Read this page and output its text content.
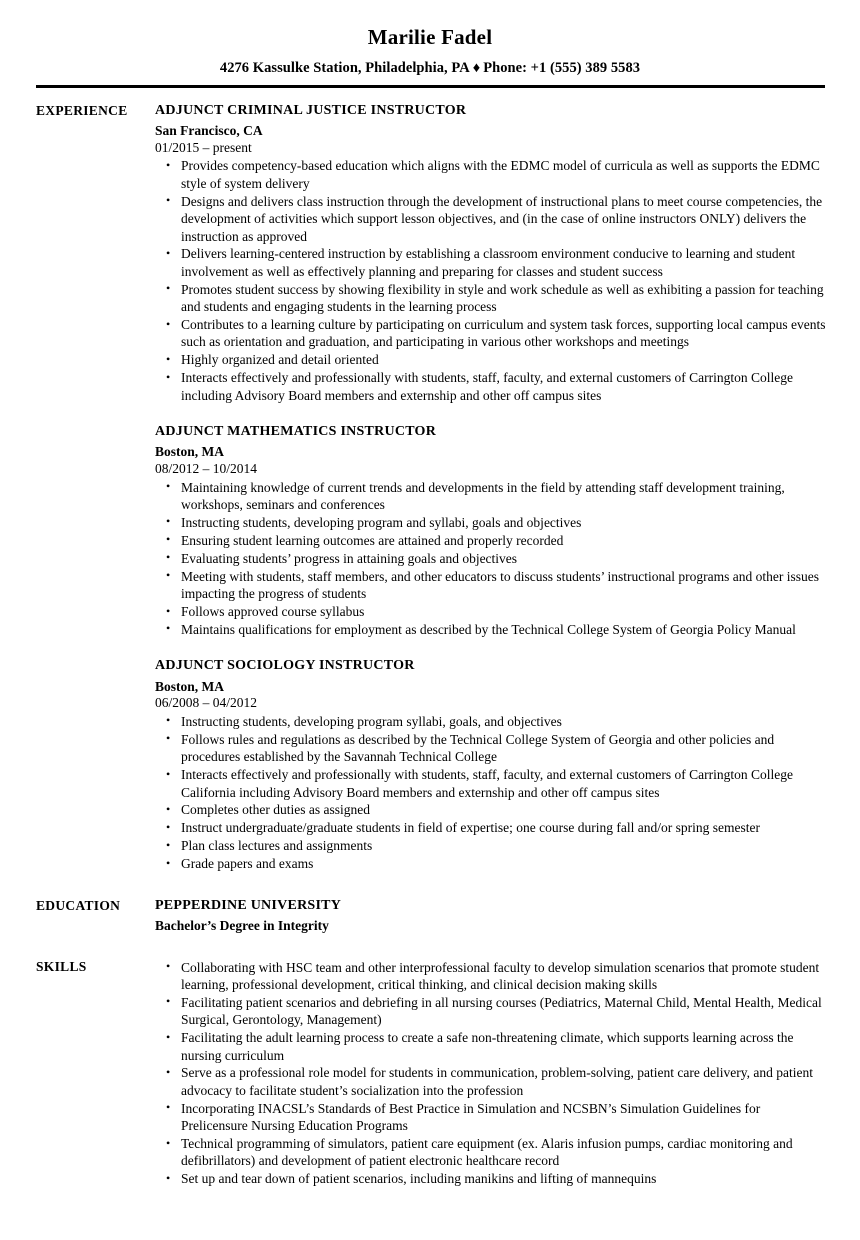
Marilie Fadel
4276 Kassulke Station, Philadelphia, PA ♦ Phone: +1 (555) 389 5583
EXPERIENCE	ADJUNCT CRIMINAL JUSTICE INSTRUCTOR
San Francisco, CA
01/2015 – present
• Provides competency-based education which aligns with the EDMC model of curricula as well as supports the EDMC style of system delivery
• Designs and delivers class instruction through the development of instructional plans to meet course competencies, the development of activities which support lesson objectives, and (in the case of online instructors ONLY) delivers the instruction as approved
• Delivers learning-centered instruction by establishing a classroom environment conducive to learning and student involvement as well as effectively planning and preparing for classes and student success
• Promotes student success by showing flexibility in style and work schedule as well as exhibiting a passion for teaching and students and engaging students in the learning process
• Contributes to a learning culture by participating on curriculum and system task forces, supporting local campus events such as orientation and graduation, and participating in various other workshops and meetings
• Highly organized and detail oriented
• Interacts effectively and professionally with students, staff, faculty, and external customers of Carrington College including Advisory Board members and externship and other off campus sites
ADJUNCT MATHEMATICS INSTRUCTOR
Boston, MA
08/2012 – 10/2014
• Maintaining knowledge of current trends and developments in the field by attending staff development training, workshops, seminars and conferences
• Instructing students, developing program and syllabi, goals and objectives
• Ensuring student learning outcomes are attained and properly recorded
• Evaluating students’ progress in attaining goals and objectives
• Meeting with students, staff members, and other educators to discuss students’ instructional programs and other issues impacting the progress of students
• Follows approved course syllabus
• Maintains qualifications for employment as described by the Technical College System of Georgia Policy Manual
ADJUNCT SOCIOLOGY INSTRUCTOR
Boston, MA
06/2008 – 04/2012
• Instructing students, developing program syllabi, goals, and objectives
• Follows rules and regulations as described by the Technical College System of Georgia and other policies and procedures established by the Savannah Technical College
• Interacts effectively and professionally with students, staff, faculty, and external customers of Carrington College California including Advisory Board members and externship and other off campus sites
• Completes other duties as assigned
• Instruct undergraduate/graduate students in field of expertise; one course during fall and/or spring semester
• Plan class lectures and assignments
• Grade papers and exams
EDUCATION	PEPPERDINE UNIVERSITY
Bachelor’s Degree in Integrity
SKILLS	• Collaborating with HSC team and other interprofessional faculty to develop simulation scenarios that promote student learning, professional development, critical thinking, and clinical decision making skills
• Facilitating patient scenarios and debriefing in all nursing courses (Pediatrics, Maternal Child, Mental Health, Medical Surgical, Gerontology, Management)
• Facilitating the adult learning process to create a safe non-threatening climate, which supports learning across the nursing curriculum
• Serve as a professional role model for students in communication, problem-solving, patient care delivery, and patient advocacy to facilitate student’s socialization into the profession
• Incorporating INACSL’s Standards of Best Practice in Simulation and NCSBN’s Simulation Guidelines for Prelicensure Nursing Education Programs
• Technical programming of simulators, patient care equipment (ex. Alaris infusion pumps, cardiac monitoring and defibrillators) and development of patient electronic healthcare record
• Set up and tear down of patient scenarios, including manikins and lifting of mannequins
